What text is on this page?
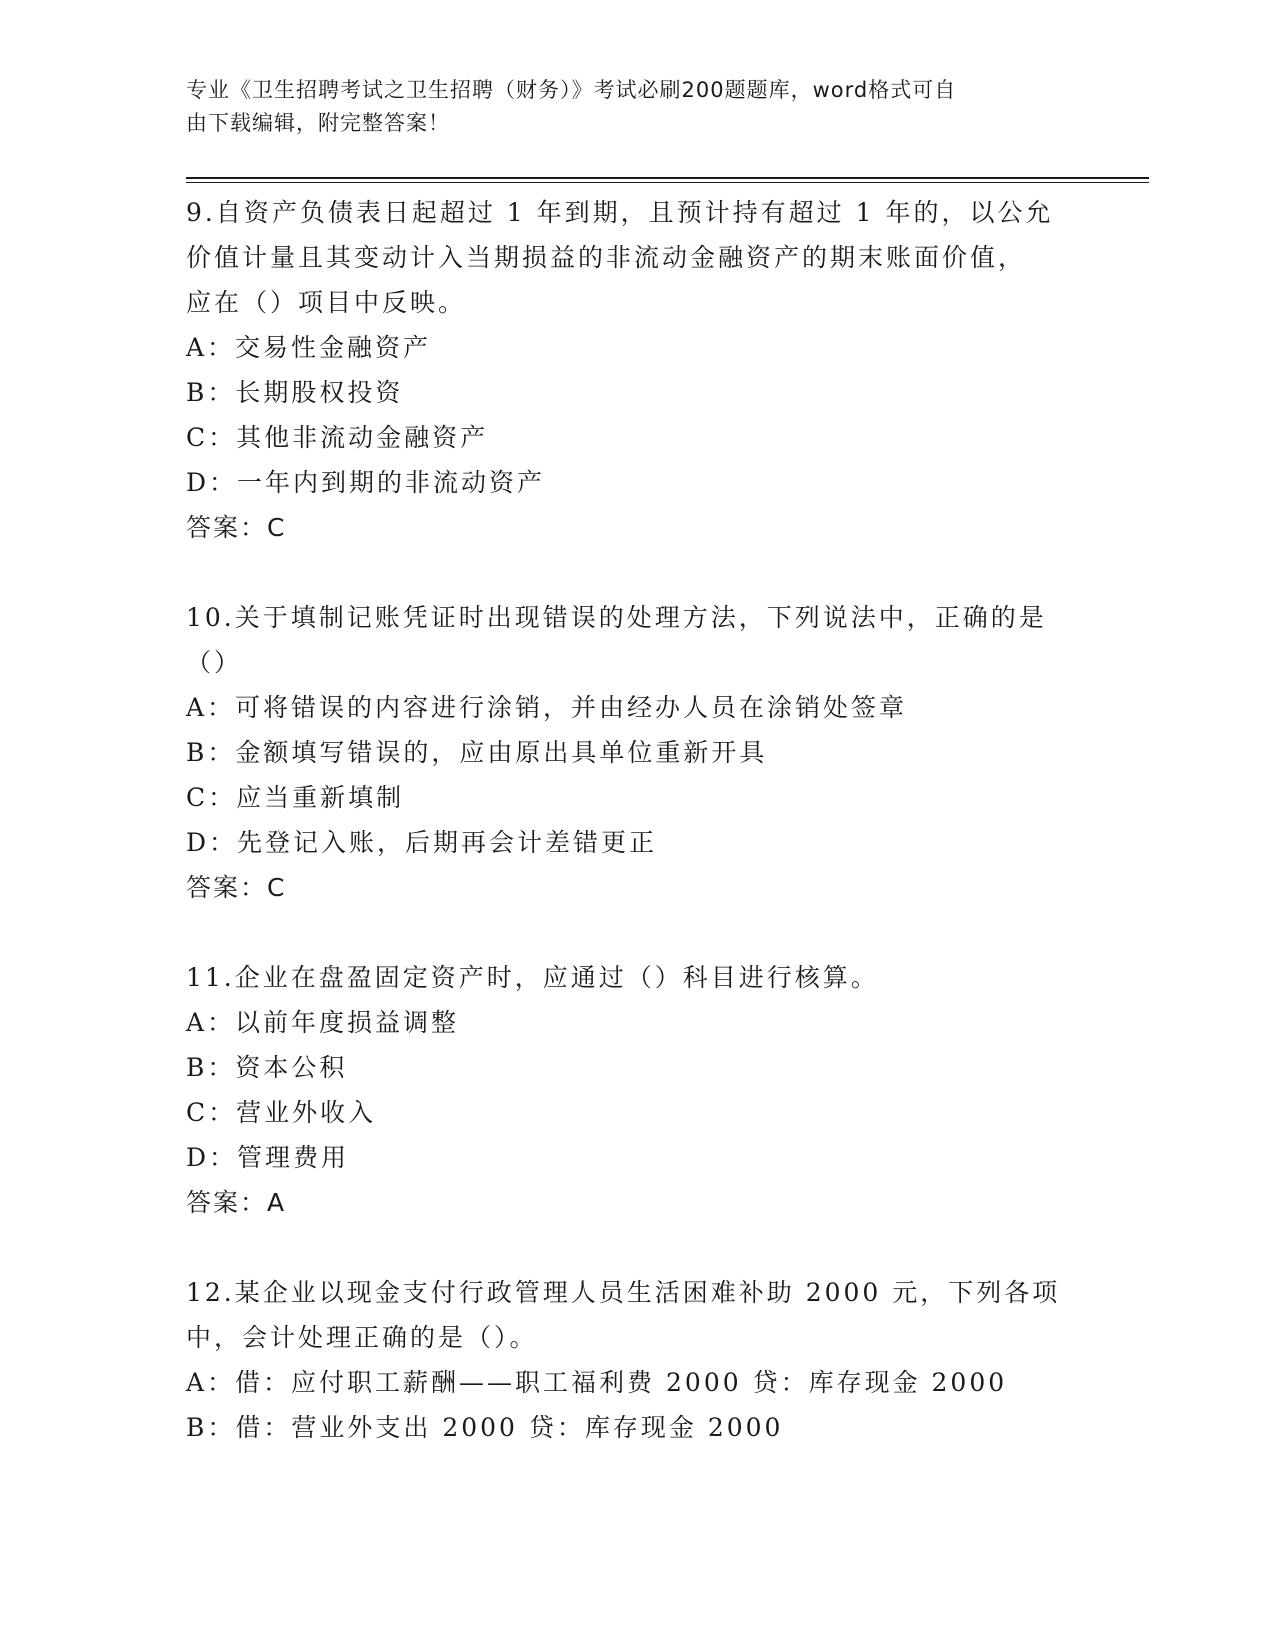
专业《卫生招聘考试之卫生招聘（财务）》考试必刷200题题库，word格式可自
由下载编辑，附完整答案！
9.自资产负债表日起超过 1 年到期，且预计持有超过 1 年的，以公允
价值计量且其变动计入当期损益的非流动金融资产的期末账面价值，
应在（）项目中反映。
A：交易性金融资产
B：长期股权投资
C：其他非流动金融资产
D：一年内到期的非流动资产
答案：C
10.关于填制记账凭证时出现错误的处理方法，下列说法中，正确的是
（）
A：可将错误的内容进行涂销，并由经办人员在涂销处签章
B：金额填写错误的，应由原出具单位重新开具
C：应当重新填制
D：先登记入账，后期再会计差错更正
答案：C
11.企业在盘盈固定资产时，应通过（）科目进行核算。
A：以前年度损益调整
B：资本公积
C：营业外收入
D：管理费用
答案：A
12.某企业以现金支付行政管理人员生活困难补助 2000 元，下列各项
中，会计处理正确的是（）。
A：借：应付职工薪酬——职工福利费 2000 贷：库存现金 2000
B：借：营业外支出 2000 贷：库存现金 2000
